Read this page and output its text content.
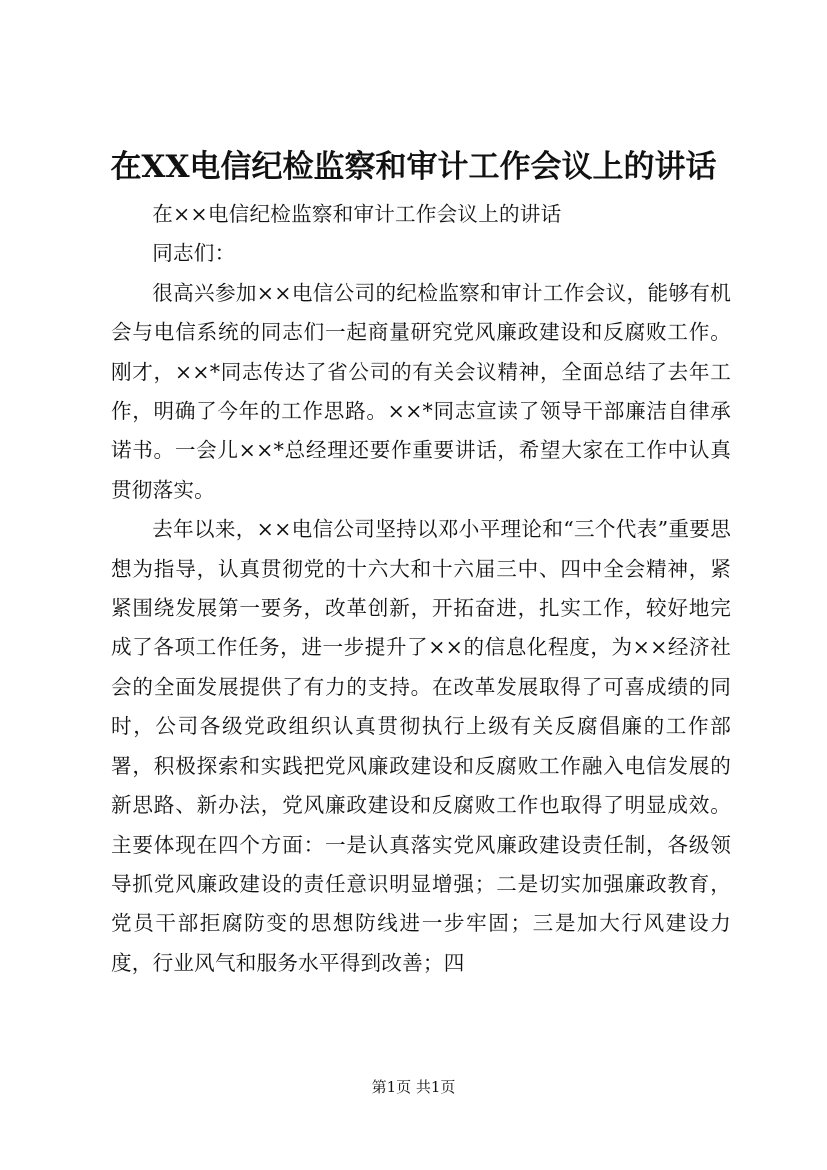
在XX电信纪检监察和审计工作会议上的讲话

在××电信纪检监察和审计工作会议上的讲话

同志们：

很高兴参加××电信公司的纪检监察和审计工作会议，能够有机会与电信系统的同志们一起商量研究党风廉政建设和反腐败工作。刚才，××*同志传达了省公司的有关会议精神，全面总结了去年工作，明确了今年的工作思路。××*同志宣读了领导干部廉洁自律承诺书。一会儿××*总经理还要作重要讲话，希望大家在工作中认真贯彻落实。

去年以来，××电信公司坚持以邓小平理论和“三个代表”重要思想为指导，认真贯彻党的十六大和十六届三中、四中全会精神，紧紧围绕发展第一要务，改革创新，开拓奋进，扎实工作，较好地完成了各项工作任务，进一步提升了××的信息化程度，为××经济社会的全面发展提供了有力的支持。在改革发展取得了可喜成绩的同时，公司各级党政组织认真贯彻执行上级有关反腐倡廉的工作部署，积极探索和实践把党风廉政建设和反腐败工作融入电信发展的新思路、新办法，党风廉政建设和反腐败工作也取得了明显成效。主要体现在四个方面：一是认真落实党风廉政建设责任制，各级领导抓党风廉政建设的责任意识明显增强；二是切实加强廉政教育，党员干部拒腐防变的思想防线进一步牢固；三是加大行风建设力度，行业风气和服务水平得到改善；四

第1页 共1页
